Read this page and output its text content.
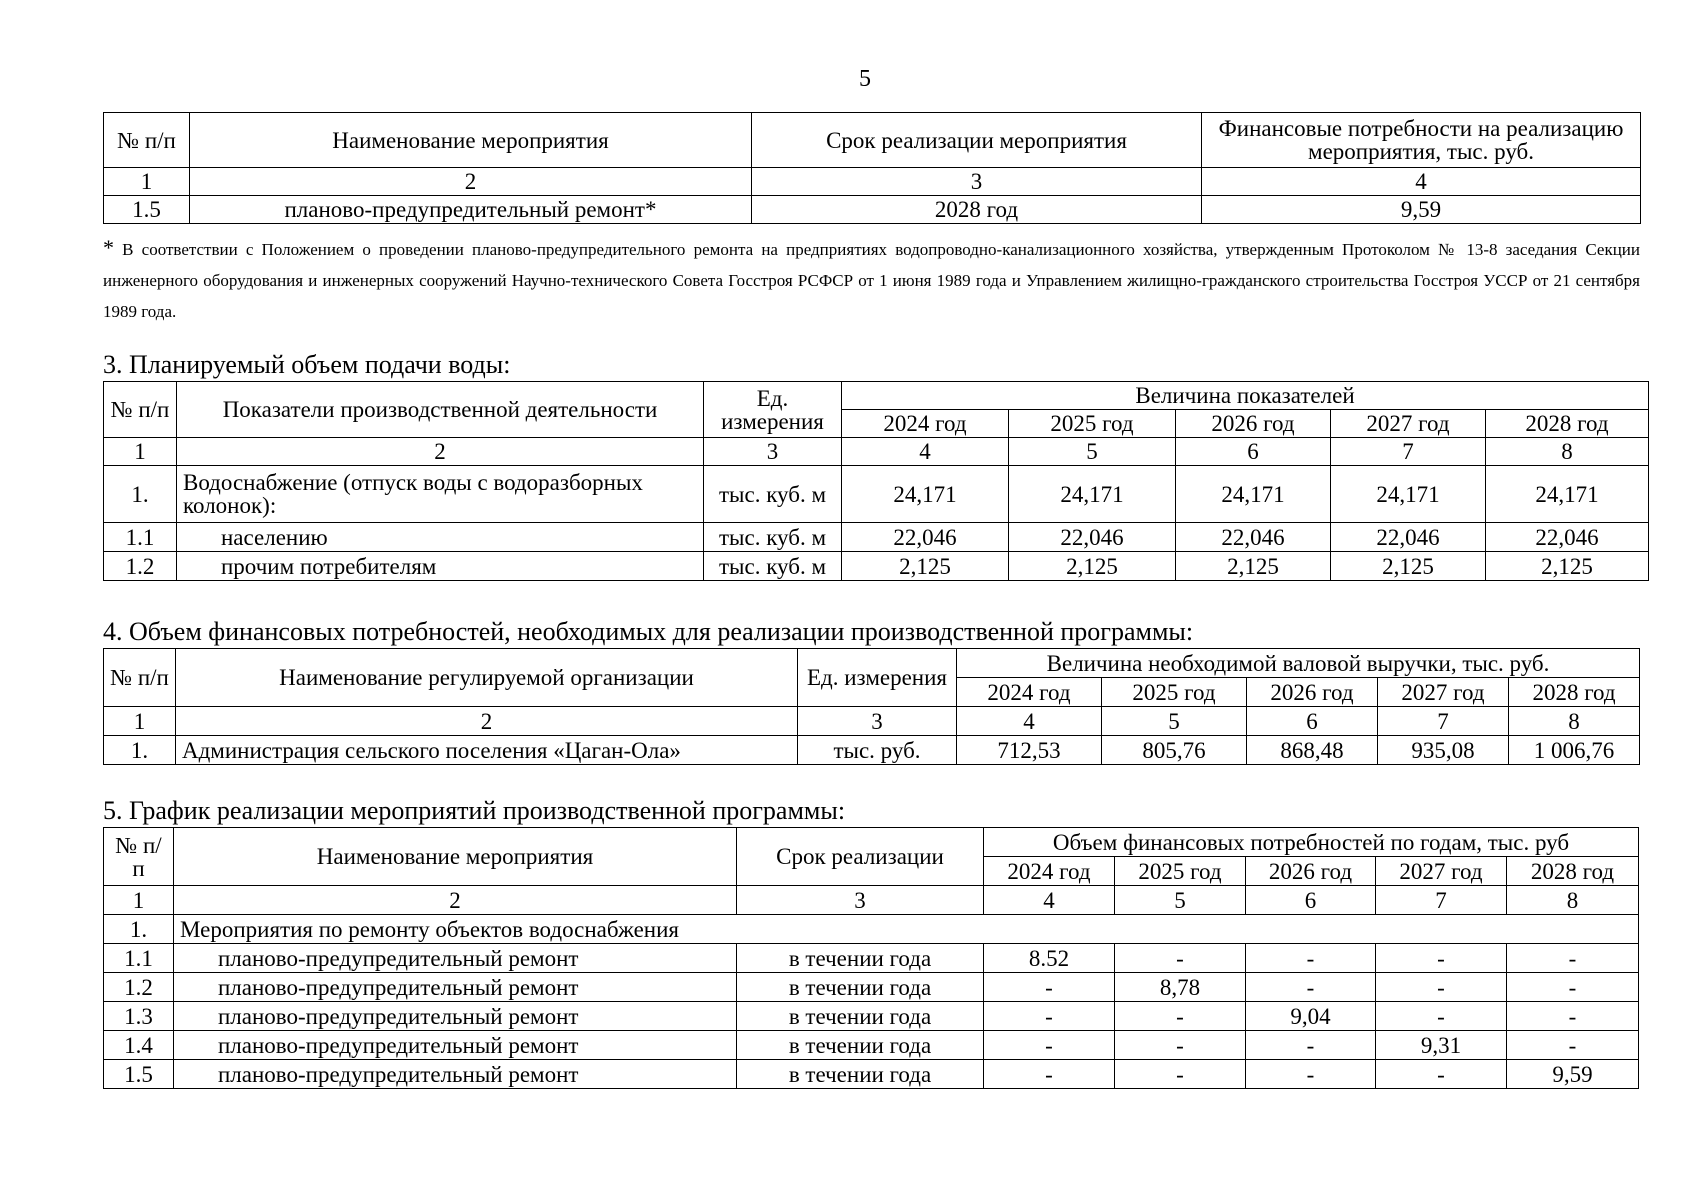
5
№ п/п	Наименование мероприятия	Срок реализации мероприятия	Финансовые потребности на реализацию мероприятия, тыс. руб.
1	2	3	4
1.5	планово-предупредительный ремонт*	2028 год	9,59
* В соответствии с Положением о проведении планово-предупредительного ремонта на предприятиях водопроводно-канализационного хозяйства, утвержденным Протоколом № 13-8 заседания Секции инженерного оборудования и инженерных сооружений Научно-технического Совета Госстроя РСФСР от 1 июня 1989 года и Управлением жилищно-гражданского строительства Госстроя УССР от 21 сентября 1989 года.
3. Планируемый объем подачи воды:
№ п/п	Показатели производственной деятельности	Ед. измерения	Величина показателей				
			2024 год	2025 год	2026 год	2027 год	2028 год
1	2	3	4	5	6	7	8
1.	Водоснабжение (отпуск воды с водоразборных колонок):	тыс. куб. м	24,171	24,171	24,171	24,171	24,171
1.1	населению	тыс. куб. м	22,046	22,046	22,046	22,046	22,046
1.2	прочим потребителям	тыс. куб. м	2,125	2,125	2,125	2,125	2,125
4. Объем финансовых потребностей, необходимых для реализации производственной программы:
№ п/п	Наименование регулируемой организации	Ед. измерения	Величина необходимой валовой выручки, тыс. руб.				
			2024 год	2025 год	2026 год	2027 год	2028 год
1	2	3	4	5	6	7	8
1.	Администрация сельского поселения «Цаган-Ола»	тыс. руб.	712,53	805,76	868,48	935,08	1 006,76
5. График реализации мероприятий производственной программы:
№ п/п	Наименование мероприятия	Срок реализации	Объем финансовых потребностей по годам, тыс. руб				
			2024 год	2025 год	2026 год	2027 год	2028 год
1	2	3	4	5	6	7	8
1.	Мероприятия по ремонту объектов водоснабжения						
1.1	планово-предупредительный ремонт	в течении года	8.52	-	-	-	-
1.2	планово-предупредительный ремонт	в течении года	-	8,78	-	-	-
1.3	планово-предупредительный ремонт	в течении года	-	-	9,04	-	-
1.4	планово-предупредительный ремонт	в течении года	-	-	-	9,31	-
1.5	планово-предупредительный ремонт	в течении года	-	-	-	-	9,59
